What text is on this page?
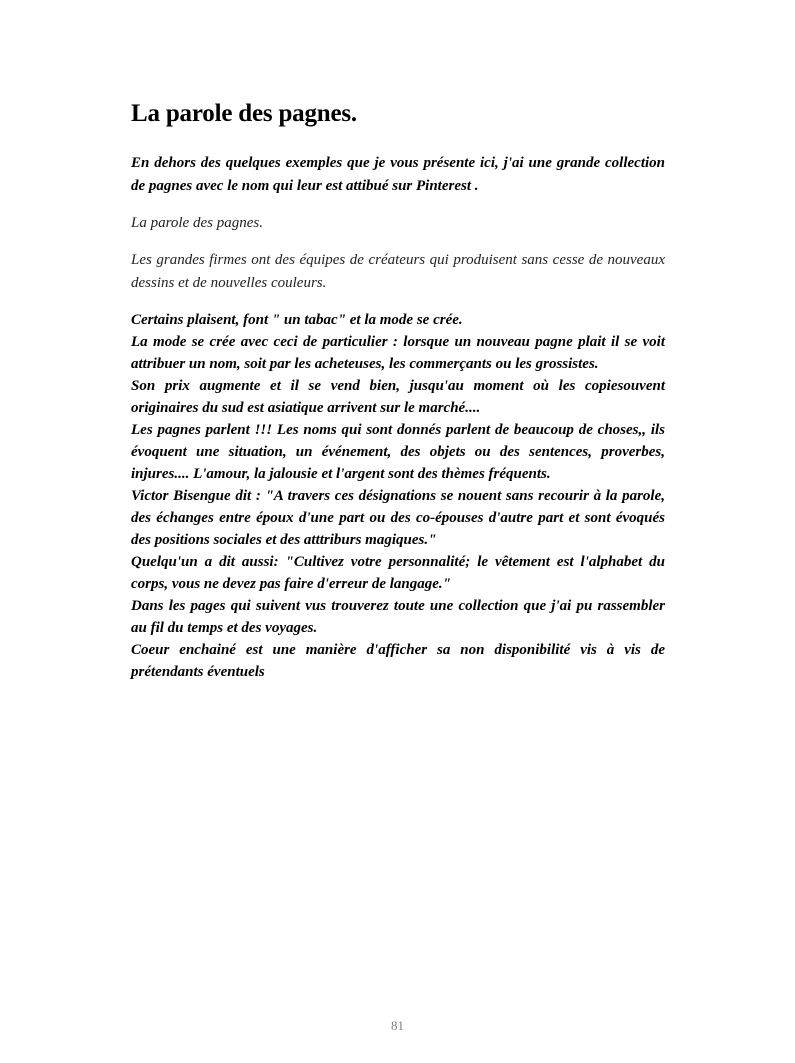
La parole des pagnes.

En dehors des quelques exemples que je vous présente ici, j'ai une grande collection de pagnes avec le nom qui leur est attibué sur Pinterest .

La parole des pagnes.

Les grandes firmes ont des équipes de créateurs qui produisent sans cesse de nouveaux dessins et de nouvelles couleurs.

Certains plaisent, font " un tabac" et la mode se crée.

La mode se crée avec ceci de particulier : lorsque un nouveau pagne plait il se voit attribuer un nom, soit par les acheteuses, les commerçants ou les grossistes.

Son prix augmente et il se vend bien, jusqu'au moment où les copiesouvent originaires du sud est asiatique arrivent sur le marché....

Les pagnes parlent !!! Les noms qui sont donnés parlent de beaucoup de choses,, ils évoquent une situation, un événement, des objets ou des sentences, proverbes, injures.... L'amour, la jalousie et l'argent sont des thèmes fréquents.

Victor Bisengue dit : "A travers ces désignations se nouent sans recourir à la parole, des échanges entre époux d'une part ou des co-épouses d'autre part et sont évoqués des positions sociales et des atttriburs magiques."

Quelqu'un a dit aussi: "Cultivez votre personnalité; le vêtement est l'alphabet du corps, vous ne devez pas faire d'erreur de langage."

Dans les pages qui suivent vus trouverez toute une collection que j'ai pu rassembler au fil du temps et des voyages.

Coeur enchainé est une manière d'afficher sa non disponibilité vis à vis de prétendants éventuels

81
